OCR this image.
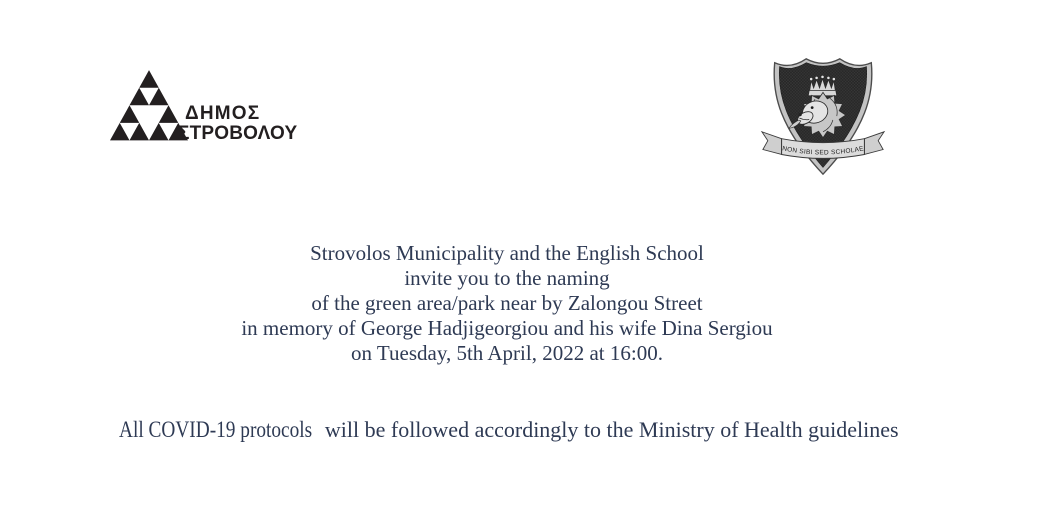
ΔΗΜΟΣ
ΣΤΡΟΒΟΛΟΥ
NON SIBI SED SCHOLAE
Strovolos Municipality and the English School
invite you to the naming
of the green area/park near by Zalongou Street
in memory of George Hadjigeorgiou and his wife Dina Sergiou
on Tuesday, 5th April, 2022 at 16:00.
All COVID-19 protocols will be followed accordingly to the Ministry of Health guidelines
